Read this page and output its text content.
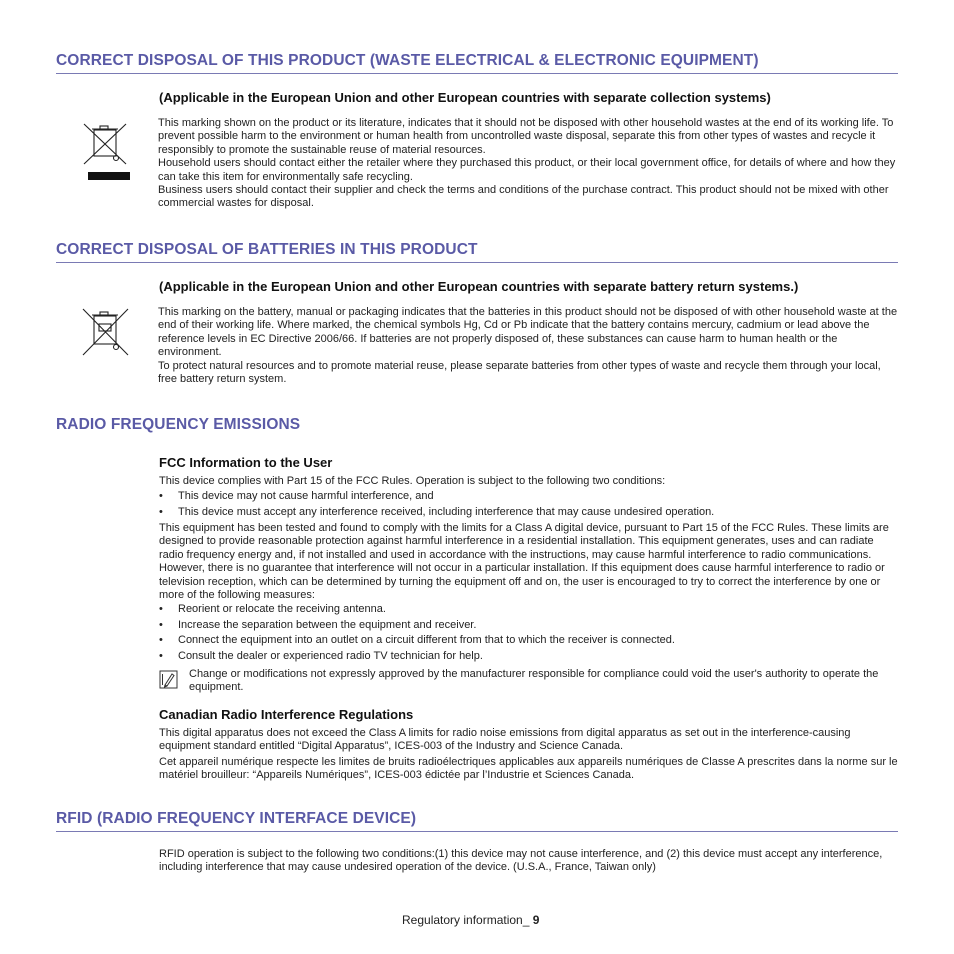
CORRECT DISPOSAL OF THIS PRODUCT (WASTE ELECTRICAL & ELECTRONIC EQUIPMENT)
(Applicable in the European Union and other European countries with separate collection systems)

This marking shown on the product or its literature, indicates that it should not be disposed with other household wastes at the end of its working life. To prevent possible harm to the environment or human health from uncontrolled waste disposal, separate this from other types of wastes and recycle it responsibly to promote the sustainable reuse of material resources.

Household users should contact either the retailer where they purchased this product, or their local government office, for details of where and how they can take this item for environmentally safe recycling.

Business users should contact their supplier and check the terms and conditions of the purchase contract. This product should not be mixed with other commercial wastes for disposal.

CORRECT DISPOSAL OF BATTERIES IN THIS PRODUCT
(Applicable in the European Union and other European countries with separate battery return systems.)

This marking on the battery, manual or packaging indicates that the batteries in this product should not be disposed of with other household waste at the end of their working life. Where marked, the chemical symbols Hg, Cd or Pb indicate that the battery contains mercury, cadmium or lead above the reference levels in EC Directive 2006/66. If batteries are not properly disposed of, these substances can cause harm to human health or the environment.

To protect natural resources and to promote material reuse, please separate batteries from other types of waste and recycle them through your local, free battery return system.

RADIO FREQUENCY EMISSIONS
FCC Information to the User
This device complies with Part 15 of the FCC Rules. Operation is subject to the following two conditions:
• This device may not cause harmful interference, and
• This device must accept any interference received, including interference that may cause undesired operation.
This equipment has been tested and found to comply with the limits for a Class A digital device, pursuant to Part 15 of the FCC Rules. These limits are designed to provide reasonable protection against harmful interference in a residential installation. This equipment generates, uses and can radiate radio frequency energy and, if not installed and used in accordance with the instructions, may cause harmful interference to radio communications. However, there is no guarantee that interference will not occur in a particular installation. If this equipment does cause harmful interference to radio or television reception, which can be determined by turning the equipment off and on, the user is encouraged to try to correct the interference by one or more of the following measures:
• Reorient or relocate the receiving antenna.
• Increase the separation between the equipment and receiver.
• Connect the equipment into an outlet on a circuit different from that to which the receiver is connected.
• Consult the dealer or experienced radio TV technician for help.
Change or modifications not expressly approved by the manufacturer responsible for compliance could void the user's authority to operate the equipment.
Canadian Radio Interference Regulations
This digital apparatus does not exceed the Class A limits for radio noise emissions from digital apparatus as set out in the interference-causing equipment standard entitled “Digital Apparatus”, ICES-003 of the Industry and Science Canada.
Cet appareil numérique respecte les limites de bruits radioélectriques applicables aux appareils numériques de Classe A prescrites dans la norme sur le matériel brouilleur: “Appareils Numériques”, ICES-003 édictée par l’Industrie et Sciences Canada.
RFID (RADIO FREQUENCY INTERFACE DEVICE)
RFID operation is subject to the following two conditions:(1) this device may not cause interference, and (2) this device must accept any interference, including interference that may cause undesired operation of the device. (U.S.A., France, Taiwan only)
Regulatory information_ 9
